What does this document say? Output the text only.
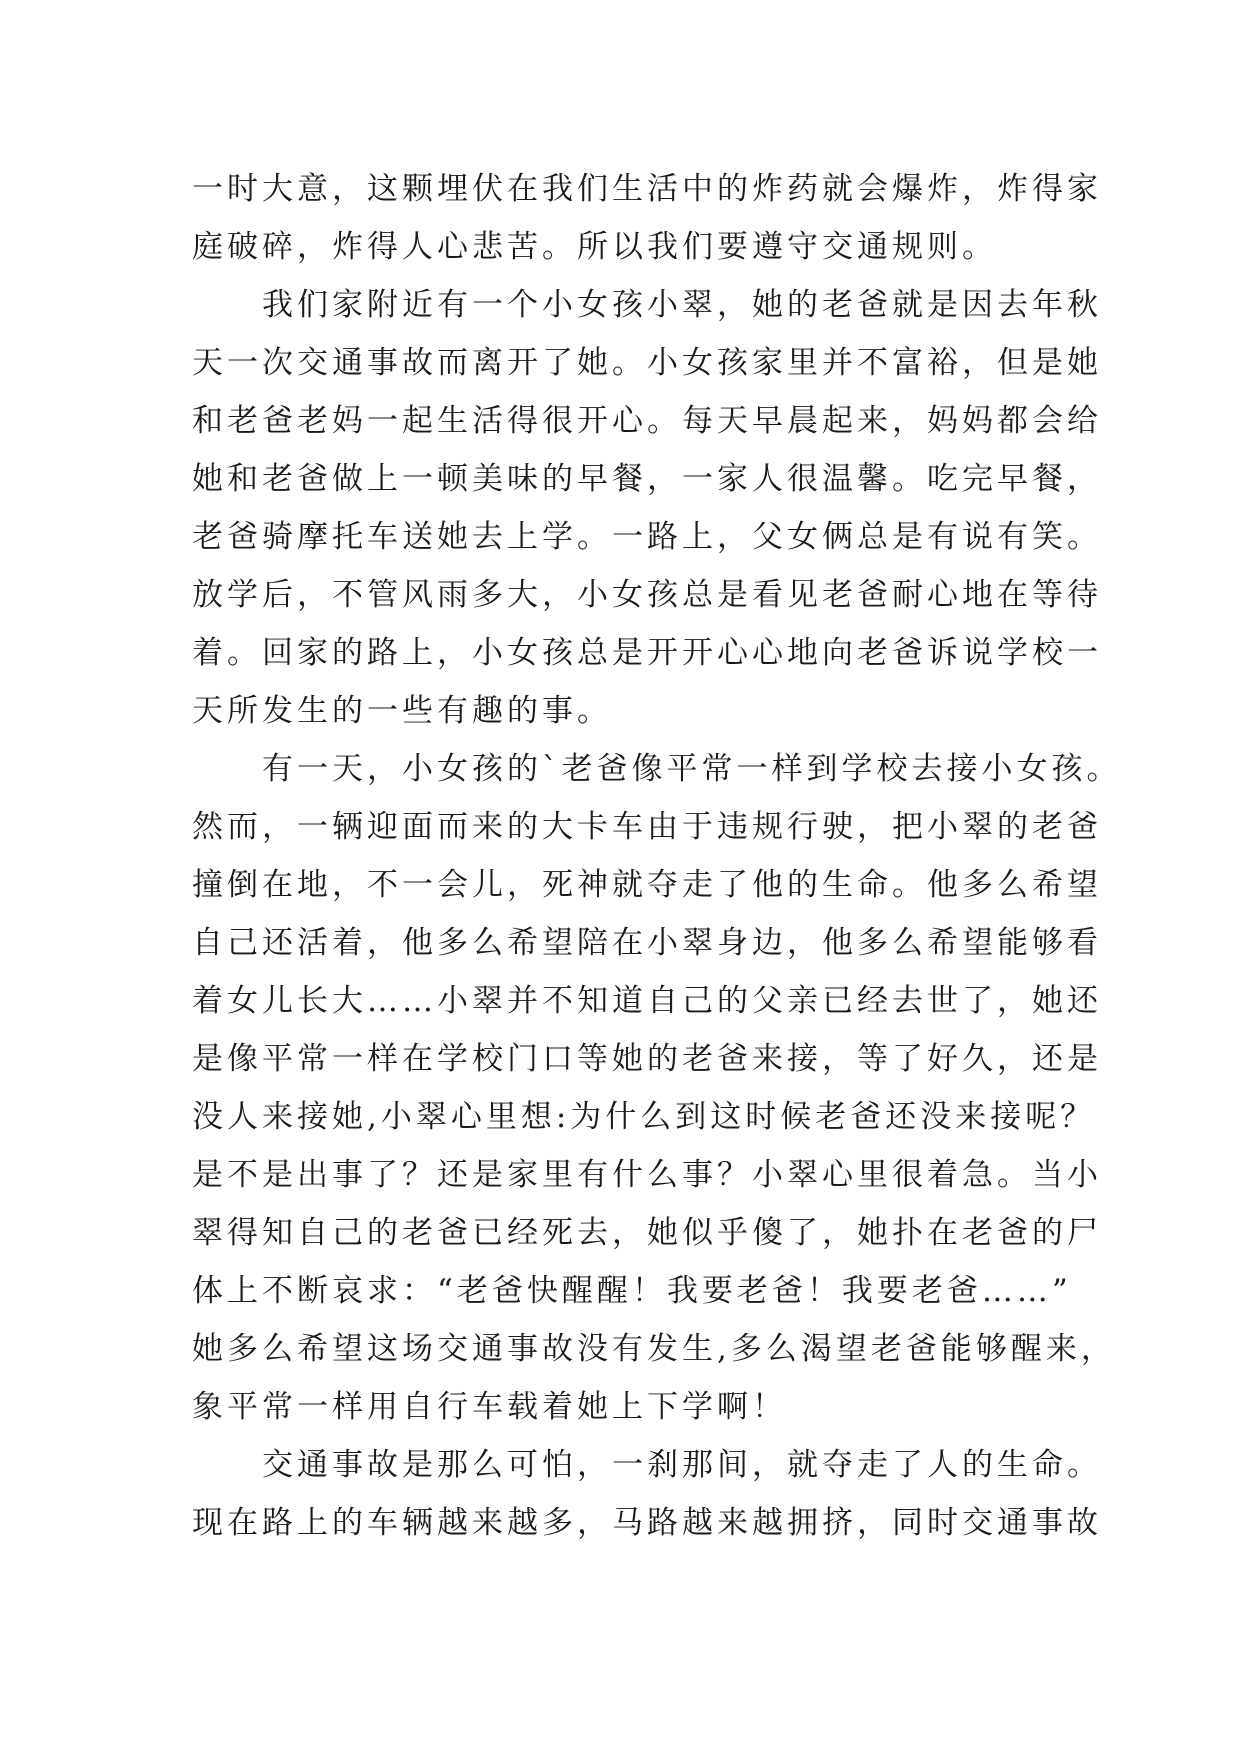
一时大意，这颗埋伏在我们生活中的炸药就会爆炸，炸得家
庭破碎，炸得人心悲苦。所以我们要遵守交通规则。
我们家附近有一个小女孩小翠，她的老爸就是因去年秋
天一次交通事故而离开了她。小女孩家里并不富裕，但是她
和老爸老妈一起生活得很开心。每天早晨起来，妈妈都会给
她和老爸做上一顿美味的早餐，一家人很温馨。吃完早餐，
老爸骑摩托车送她去上学。一路上，父女俩总是有说有笑。
放学后，不管风雨多大，小女孩总是看见老爸耐心地在等待
着。回家的路上，小女孩总是开开心心地向老爸诉说学校一
天所发生的一些有趣的事。
有一天，小女孩的`老爸像平常一样到学校去接小女孩。
然而，一辆迎面而来的大卡车由于违规行驶，把小翠的老爸
撞倒在地，不一会儿，死神就夺走了他的生命。他多么希望
自己还活着，他多么希望陪在小翠身边，他多么希望能够看
着女儿长大……小翠并不知道自己的父亲已经去世了，她还
是像平常一样在学校门口等她的老爸来接，等了好久，还是
没人来接她,小翠心里想:为什么到这时候老爸还没来接呢？
是不是出事了？还是家里有什么事？小翠心里很着急。当小
翠得知自己的老爸已经死去，她似乎傻了，她扑在老爸的尸
体上不断哀求：“老爸快醒醒！我要老爸！我要老爸……”
她多么希望这场交通事故没有发生,多么渴望老爸能够醒来，
象平常一样用自行车载着她上下学啊！
交通事故是那么可怕，一刹那间，就夺走了人的生命。
现在路上的车辆越来越多，马路越来越拥挤，同时交通事故
